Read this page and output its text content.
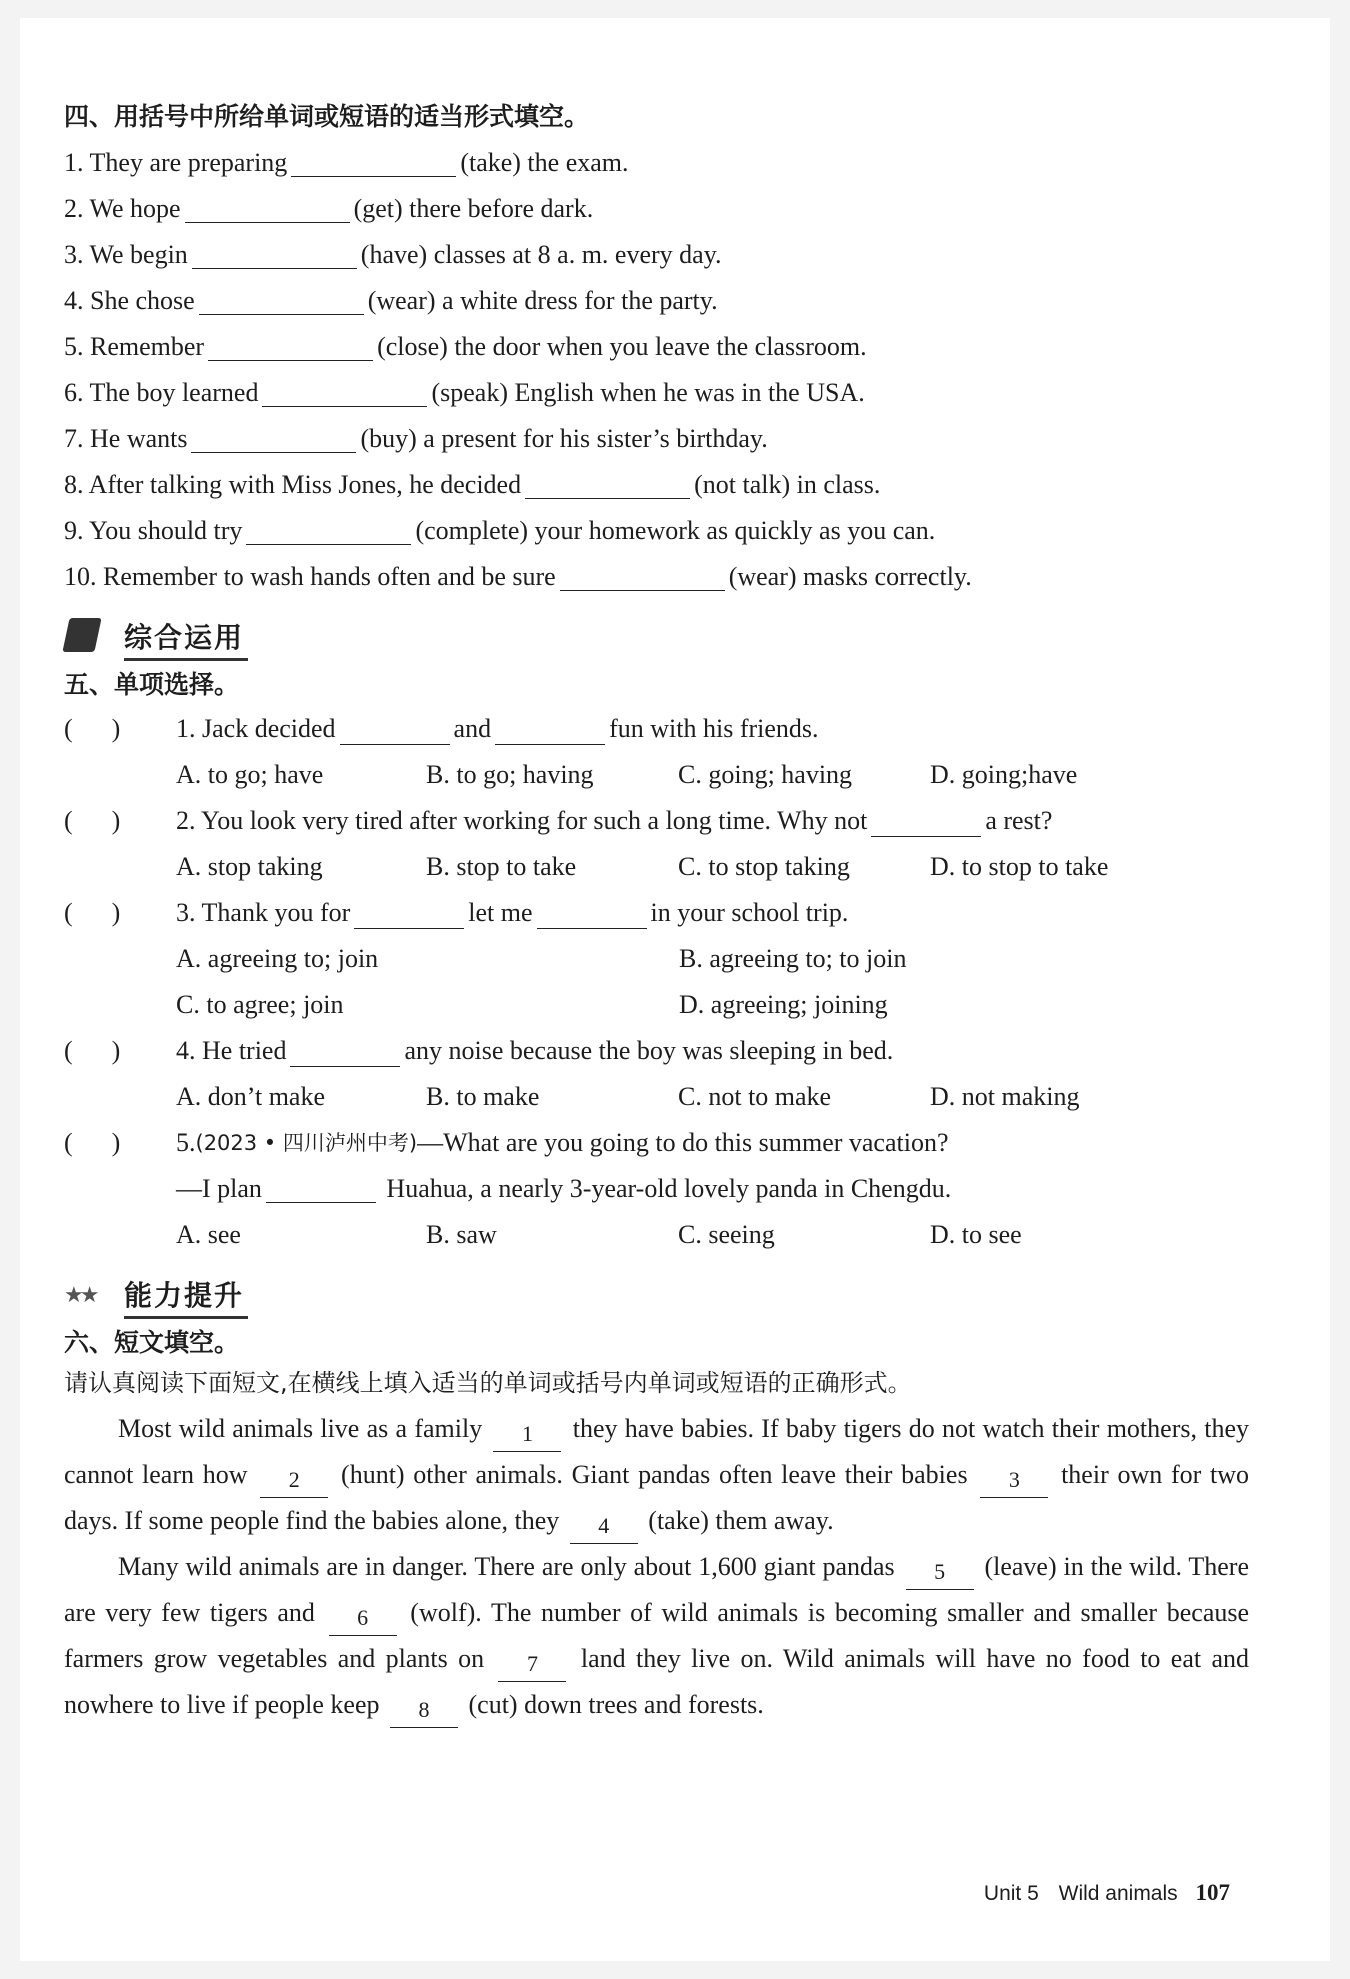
四、用括号中所给单词或短语的适当形式填空。
1. They are preparing	(take) the exam.
2. We hope	(get) there before dark.
3. We begin	(have) classes at 8 a. m. every day.
4. She chose	(wear) a white dress for the party.
5. Remember	(close) the door when you leave the classroom.
6. The boy learned	(speak) English when he was in the USA.
7. He wants	(buy) a present for his sister’s birthday.
8. After talking with Miss Jones, he decided	(not talk) in class.
9. You should try	(complete) your homework as quickly as you can.
10. Remember to wash hands often and be sure	(wear) masks correctly.
综合运用
五、单项选择。
(      )	1. Jack decided	and	fun with his friends.
A. to go; have	B. to go; having	C. going; having	D. going;have
(      )	2. You look very tired after working for such a long time. Why not	a rest?
A. stop taking	B. stop to take	C. to stop taking	D. to stop to take
(      )	3. Thank you for	let me	in your school trip.
A. agreeing to; join	B. agreeing to; to join
C. to agree; join	D. agreeing; joining
(      )	4. He tried	any noise because the boy was sleeping in bed.
A. don’t make	B. to make	C. not to make	D. not making
(      )	5. (2023 • 四川泸州中考) —What are you going to do this summer vacation?
—I plan	Huahua, a nearly 3-year-old lovely panda in Chengdu.
A. see	B. saw	C. seeing	D. to see
★★ 能力提升
六、短文填空。
请认真阅读下面短文,在横线上填入适当的单词或括号内单词或短语的正确形式。
Most wild animals live as a family 1 they have babies. If baby tigers do not watch their mothers, they cannot learn how 2 (hunt) other animals. Giant pandas often leave their babies 3 their own for two days. If some people find the babies alone, they 4 (take) them away.
Many wild animals are in danger. There are only about 1,600 giant pandas 5 (leave) in the wild. There are very few tigers and 6 (wolf). The number of wild animals is becoming smaller and smaller because farmers grow vegetables and plants on 7 land they live on. Wild animals will have no food to eat and nowhere to live if people keep 8 (cut) down trees and forests.
Unit 5 Wild animals 107
